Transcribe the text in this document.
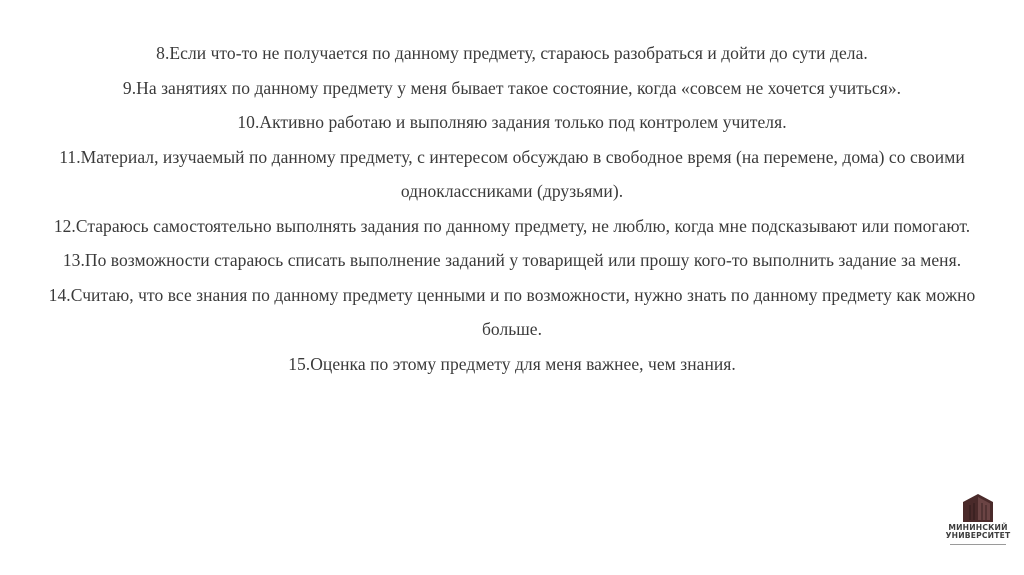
8.Если что-то не получается по данному предмету, стараюсь разобраться и дойти до сути дела.

9.На занятиях по данному предмету у меня бывает такое состояние, когда «совсем не хочется учиться».

10.Активно работаю и выполняю задания только под контролем учителя.

11.Материал, изучаемый по данному предмету, с интересом обсуждаю в свободное время (на перемене, дома) со своими одноклассниками (друзьями).

12.Стараюсь самостоятельно выполнять задания по данному предмету, не люблю, когда мне подсказывают или помогают.

13.По возможности стараюсь списать выполнение заданий у товарищей или прошу кого-то выполнить задание за меня.

14.Считаю, что все знания по данному предмету ценными и по возможности, нужно знать по данному предмету как можно больше.

15.Оценка по этому предмету для меня важнее, чем знания.

МИНИНСКИЙ
УНИВЕРСИТЕТ
